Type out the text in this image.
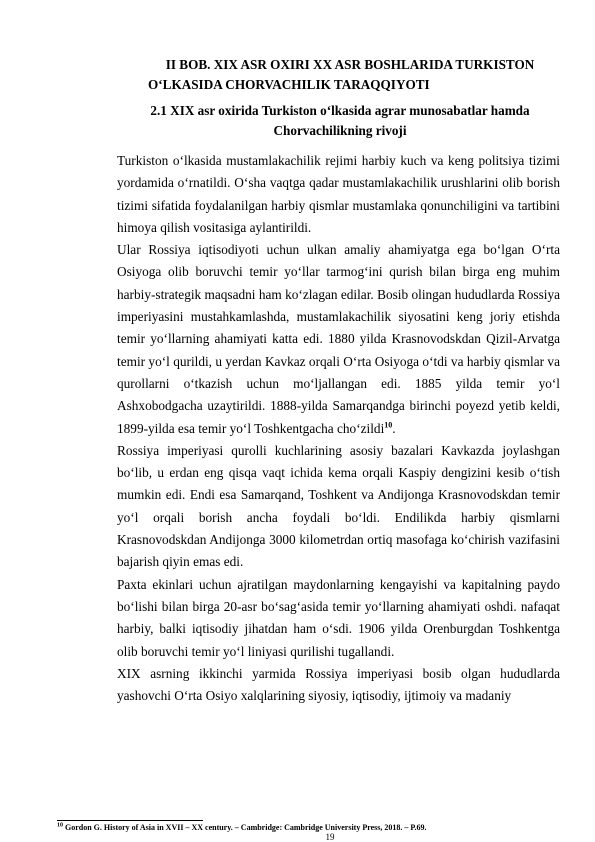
II BOB. XIX ASR OXIRI XX ASR BOSHLARIDA TURKISTON
O‘LKASIDA CHORVACHILIK TARAQQIYOTI
2.1 XIX asr oxirida Turkiston o‘lkasida agrar munosabatlar hamda
Chorvachilikning rivoji

Turkiston o‘lkasida mustamlakachilik rejimi harbiy kuch va keng politsiya tizimi yordamida o‘rnatildi. O‘sha vaqtga qadar mustamlakachilik urushlarini olib borish tizimi sifatida foydalanilgan harbiy qismlar mustamlaka qonunchiligini va tartibini himoya qilish vositasiga aylantirildi.

Ular Rossiya iqtisodiyoti uchun ulkan amaliy ahamiyatga ega bo‘lgan O‘rta Osiyoga olib boruvchi temir yo‘llar tarmog‘ini qurish bilan birga eng muhim harbiy-strategik maqsadni ham ko‘zlagan edilar. Bosib olingan hududlarda Rossiya imperiyasini mustahkamlashda, mustamlakachilik siyosatini keng joriy etishda temir yo‘llarning ahamiyati katta edi. 1880 yilda Krasnovodskdan Qizil-Arvatga temir yo‘l qurildi, u yerdan Kavkaz orqali O‘rta Osiyoga o‘tdi va harbiy qismlar va qurollarni o‘tkazish uchun mo‘ljallangan edi. 1885 yilda temir yo‘l Ashxobodgacha uzaytirildi. 1888-yilda Samarqandga birinchi poyezd yetib keldi, 1899-yilda esa temir yo‘l Toshkentgacha cho‘zildi$^{10}$.

Rossiya imperiyasi qurolli kuchlarining asosiy bazalari Kavkazda joylashgan bo‘lib, u erdan eng qisqa vaqt ichida kema orqali Kaspiy dengizini kesib o‘tish mumkin edi. Endi esa Samarqand, Toshkent va Andijonga Krasnovodskdan temir yo‘l orqali borish ancha foydali bo‘ldi. Endilikda harbiy qismlarni Krasnovodskdan Andijonga 3000 kilometrdan ortiq masofaga ko‘chirish vazifasini bajarish qiyin emas edi.

Paxta ekinlari uchun ajratilgan maydonlarning kengayishi va kapitalning paydo bo‘lishi bilan birga 20-asr bo‘sag‘asida temir yo‘llarning ahamiyati oshdi. nafaqat harbiy, balki iqtisodiy jihatdan ham o‘sdi. 1906 yilda Orenburgdan Toshkentga olib boruvchi temir yo‘l liniyasi qurilishi tugallandi.

XIX asrning ikkinchi yarmida Rossiya imperiyasi bosib olgan hududlarda yashovchi O‘rta Osiyo xalqlarining siyosiy, iqtisodiy, ijtimoiy va madaniy

$^{10}$ Gordon G. History of Asia in XVII – XX century. – Cambridge: Cambridge University Press, 2018. – P.69.
19
